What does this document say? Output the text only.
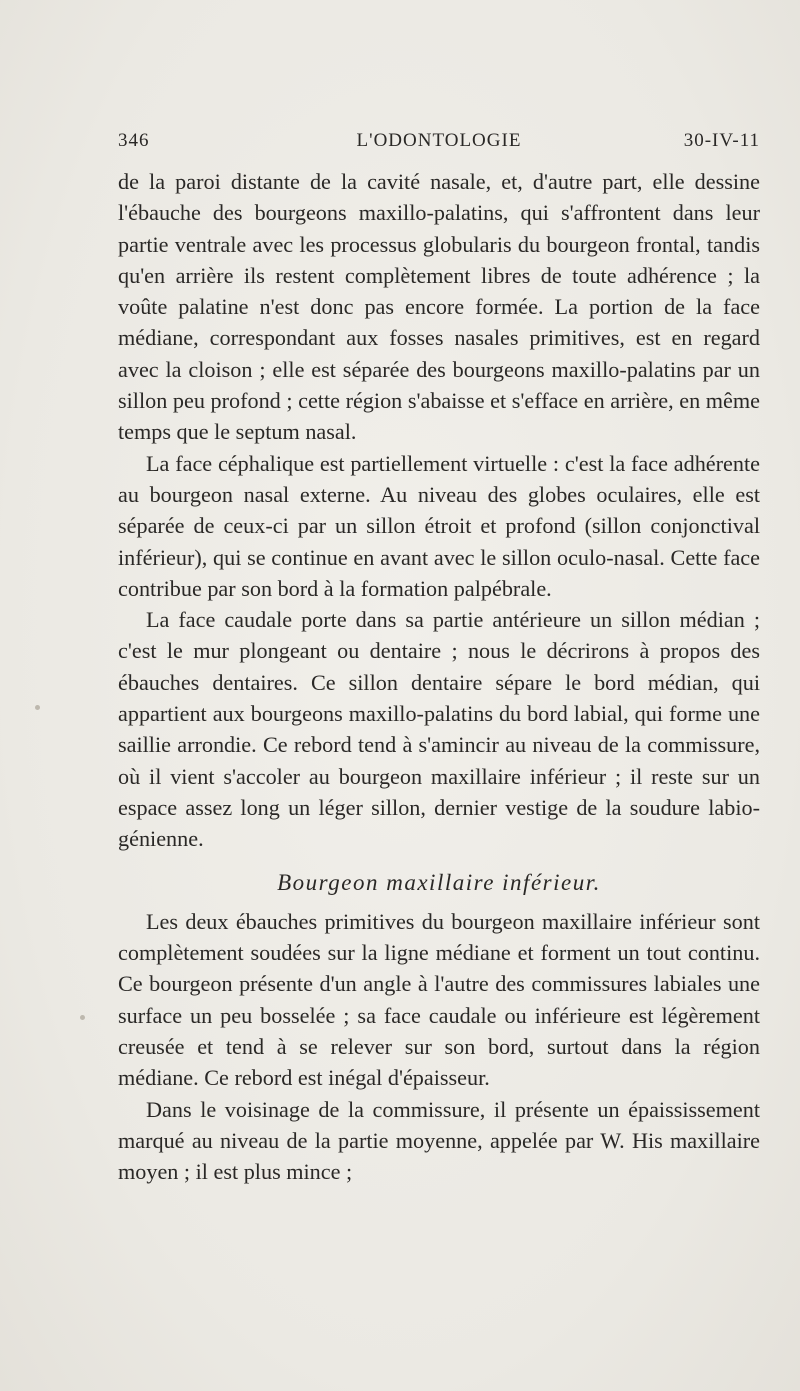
346	L'ODONTOLOGIE	30-IV-11

de la paroi distante de la cavité nasale, et, d'autre part, elle dessine l'ébauche des bourgeons maxillo-palatins, qui s'affrontent dans leur partie ventrale avec les processus globularis du bourgeon frontal, tandis qu'en arrière ils restent complètement libres de toute adhérence ; la voûte palatine n'est donc pas encore formée. La portion de la face médiane, correspondant aux fosses nasales primitives, est en regard avec la cloison ; elle est séparée des bourgeons maxillo-palatins par un sillon peu profond ; cette région s'abaisse et s'efface en arrière, en même temps que le septum nasal.

La face céphalique est partiellement virtuelle : c'est la face adhérente au bourgeon nasal externe. Au niveau des globes oculaires, elle est séparée de ceux-ci par un sillon étroit et profond (sillon conjonctival inférieur), qui se continue en avant avec le sillon oculo-nasal. Cette face contribue par son bord à la formation palpébrale.

La face caudale porte dans sa partie antérieure un sillon médian ; c'est le mur plongeant ou dentaire ; nous le décrirons à propos des ébauches dentaires. Ce sillon dentaire sépare le bord médian, qui appartient aux bourgeons maxillo-palatins du bord labial, qui forme une saillie arrondie. Ce rebord tend à s'amincir au niveau de la commissure, où il vient s'accoler au bourgeon maxillaire inférieur ; il reste sur un espace assez long un léger sillon, dernier vestige de la soudure labio-génienne.

Bourgeon maxillaire inférieur.

Les deux ébauches primitives du bourgeon maxillaire inférieur sont complètement soudées sur la ligne médiane et forment un tout continu. Ce bourgeon présente d'un angle à l'autre des commissures labiales une surface un peu bosselée ; sa face caudale ou inférieure est légèrement creusée et tend à se relever sur son bord, surtout dans la région médiane. Ce rebord est inégal d'épaisseur.

Dans le voisinage de la commissure, il présente un épaississement marqué au niveau de la partie moyenne, appelée par W. His maxillaire moyen ; il est plus mince ;
